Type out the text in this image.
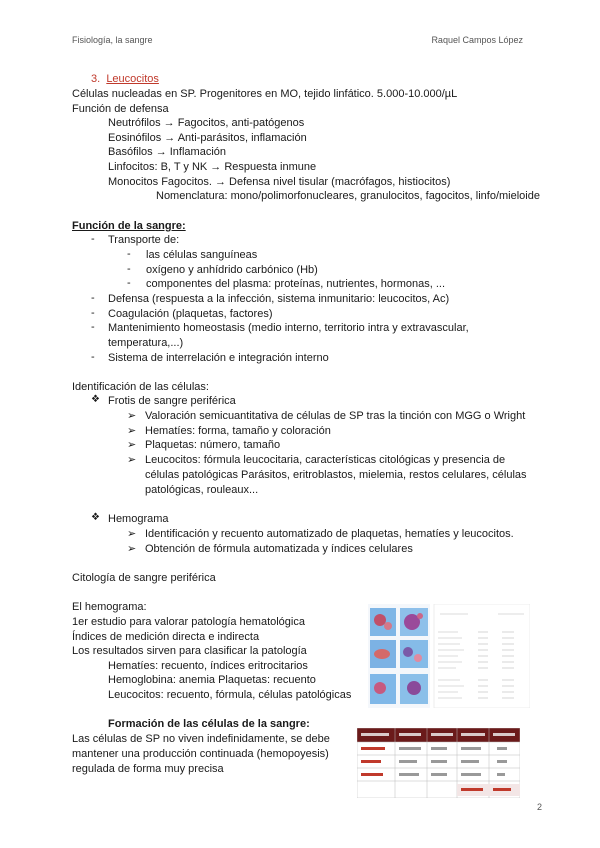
Fisiología, la sangre	Raquel Campos López
3. Leucocitos
Células nucleadas en SP. Progenitores en MO, tejido linfático. 5.000-10.000/µL
Función de defensa
Neutrófilos → Fagocitos, anti-patógenos
Eosinófilos → Anti-parásitos, inflamación
Basófilos → Inflamación
Linfocitos: B, T y NK → Respuesta inmune
Monocitos Fagocitos. → Defensa nivel tisular (macrófagos, histiocitos)
Nomenclatura: mono/polimorfonucleares, granulocitos, fagocitos, linfo/mieloide
Función de la sangre:
- Transporte de:
- las células sanguíneas
- oxígeno y anhídrido carbónico (Hb)
- componentes del plasma: proteínas, nutrientes, hormonas, ...
- Defensa (respuesta a la infección, sistema inmunitario: leucocitos, Ac)
- Coagulación (plaquetas, factores)
- Mantenimiento homeostasis (medio interno, territorio intra y extravascular,
temperatura,...)
- Sistema de interrelación e integración interno
Identificación de las células:
❖ Frotis de sangre periférica
➢ Valoración semicuantitativa de células de SP tras la tinción con MGG o Wright
➢ Hematíes: forma, tamaño y coloración
➢ Plaquetas: número, tamaño
➢ Leucocitos: fórmula leucocitaria, características citológicas y presencia de
células patológicas Parásitos, eritroblastos, mielemia, restos celulares, células
patológicas, rouleaux...
❖ Hemograma
➢ Identificación y recuento automatizado de plaquetas, hematíes y leucocitos.
➢ Obtención de fórmula automatizada y índices celulares
Citología de sangre periférica
El hemograma:
1er estudio para valorar patología hematológica
Índices de medición directa e indirecta
Los resultados sirven para clasificar la patología
Hematíes: recuento, índices eritrocitarios
Hemoglobina: anemia Plaquetas: recuento
Leucocitos: recuento, fórmula, células patológicas
Formación de las células de la sangre:
Las células de SP no viven indefinidamente, se debe
mantener una producción continuada (hemopoyesis)
regulada de forma muy precisa
2
